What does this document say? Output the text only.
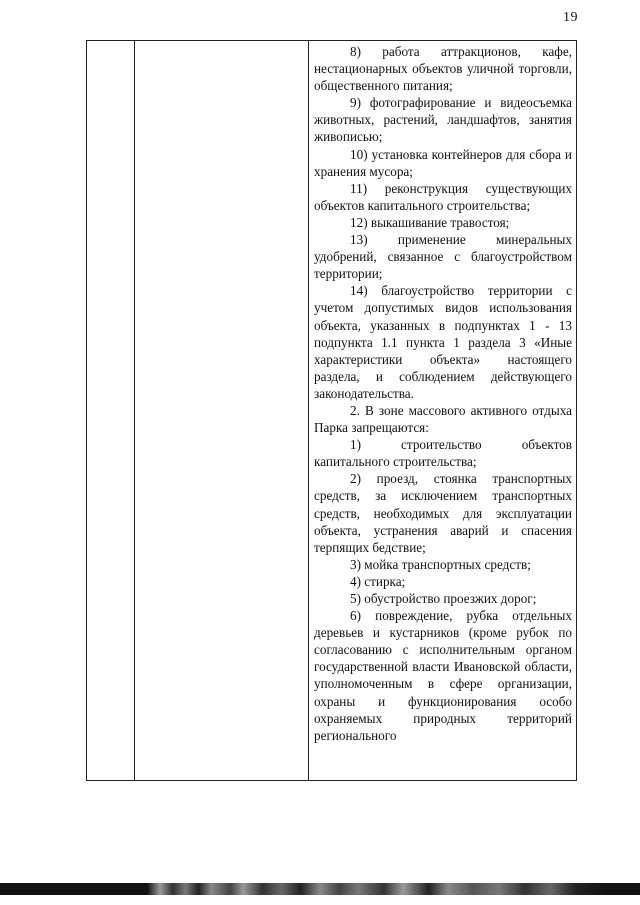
19

8) работа аттракционов, кафе, нестационарных объектов уличной торговли, общественного питания;

9) фотографирование и видеосъемка животных, растений, ландшафтов, занятия живописью;

10) установка контейнеров для сбора и хранения мусора;

11) реконструкция существующих объектов капитального строительства;

12) выкашивание травостоя;

13) применение минеральных удобрений, связанное с благоустройством территории;

14) благоустройство территории с учетом допустимых видов использования объекта, указанных в подпунктах 1 - 13 подпункта 1.1 пункта 1 раздела 3 «Иные характеристики объекта» настоящего раздела, и соблюдением действующего законодательства.

2. В зоне массового активного отдыха Парка запрещаются:

1) строительство объектов капитального строительства;

2) проезд, стоянка транспортных средств, за исключением транспортных средств, необходимых для эксплуатации объекта, устранения аварий и спасения терпящих бедствие;

3) мойка транспортных средств;

4) стирка;

5) обустройство проезжих дорог;

6) повреждение, рубка отдельных деревьев и кустарников (кроме рубок по согласованию с исполнительным органом государственной власти Ивановской области, уполномоченным в сфере организации, охраны и функционирования особо охраняемых природных территорий регионального
